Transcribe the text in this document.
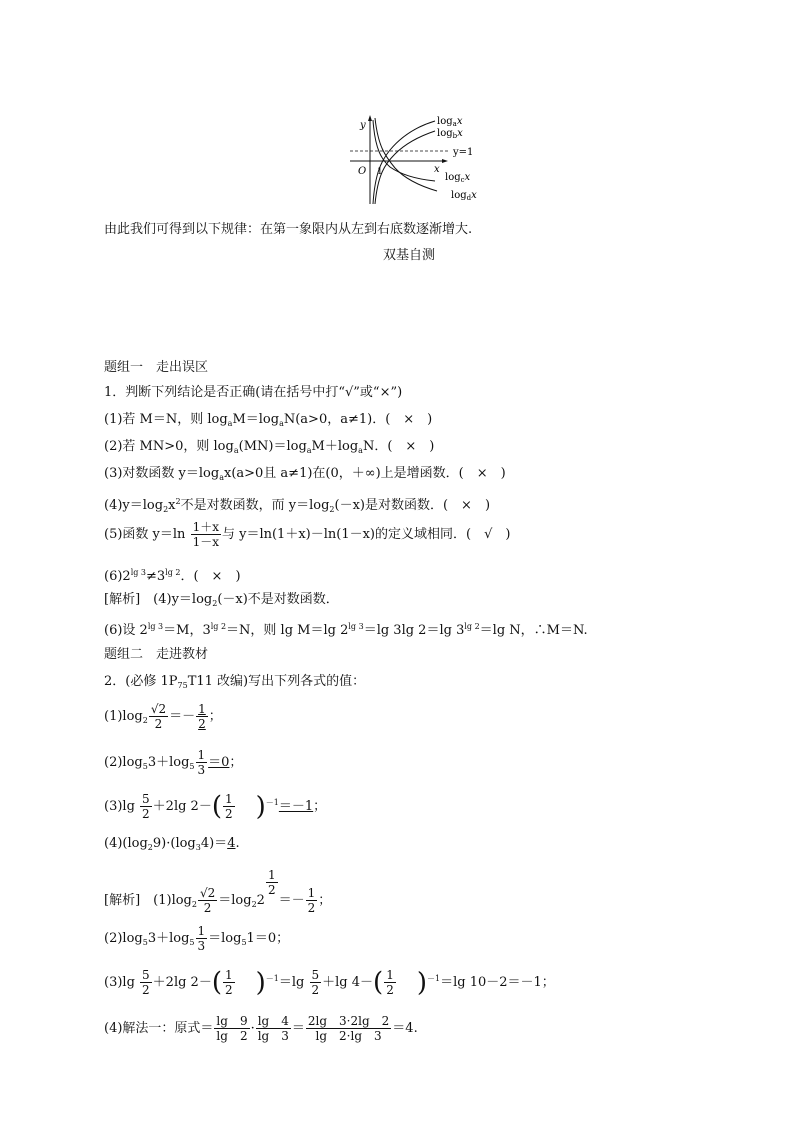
y
x
O 1
y=1
$\log_ax$
$\log_bx$
$\log_cx$
$\log_dx$
由此我们可得到以下规律：在第一象限内从左到右底数逐渐增大.
双基自测
题组一　走出误区
1．判断下列结论是否正确(请在括号中打“√”或“×”)
(1)若 M＝N，则 $\log_aM=\log_aN(a>0$，a≠1)．(　×　)
(2)若 MN>0，则 $\log_a(MN)=\log_aM+\log_aN$．(　×　)
(3)对数函数 $y=\log_ax(a>0$且 a≠1)在(0，＋∞)上是增函数．(　×　)
$(4)y=\log_2x^2$不是对数函数，而 $y=\log_2(-x)$是对数函数．(　×　)
(5)函数 $y=\ln \frac{1+x}{1-x}$ 与 y＝ln(1＋x)－ln(1－x)的定义域相同．(　√　)
$(6)2^{lg 3}\ne 3^{lg 2}$．(　×　)
[解析]　$(4)y=\log_2(-x)$不是对数函数．
(6)设 $2^{lg 3}=M$，$3^{lg 2}=N$，则 lg M＝lg $2^{lg 3}=\lg$ 3lg 2＝lg $3^{lg 2}=\lg$ N，∴M＝N.
题组二　走进教材
2．(必修 $1P_{75}T11$ 改编)写出下列各式的值：
$(1)\log_2 \frac{√2}{2} =- \frac{1}{2}$ ；
$(2)\log_53+\log_5 \frac{1}{3} =0$；
$(3)\lg \frac{5}{2} +2\lg$ $2-( \frac{1}{2} )^{-1}=-1$；
$(4)(\log_29)\cdot(\log_34)=4$.
[解析]　$(1)\log_2 \frac{√2}{2} =\log_22$
$\frac{1}{2}$
＝－ $\frac{1}{2}$ ；
$(2)\log_53+\log_5 \frac{1}{3} =\log_51=0$；
$(3)\lg \frac{5}{2} +2\lg$ $2-( \frac{1}{2} )^{-1}=\lg \frac{5}{2} +\lg$ $4-( \frac{1}{2} )^{-1}=\lg$ 10－2＝－1；
(4)解法一：原式＝ $\frac{\lg 9}{\lg 2} \cdot \frac{\lg 4}{\lg 3} = \frac{2\lg 3\cdot 2\lg 2}{\lg 2\cdot\lg 3} =4$.
